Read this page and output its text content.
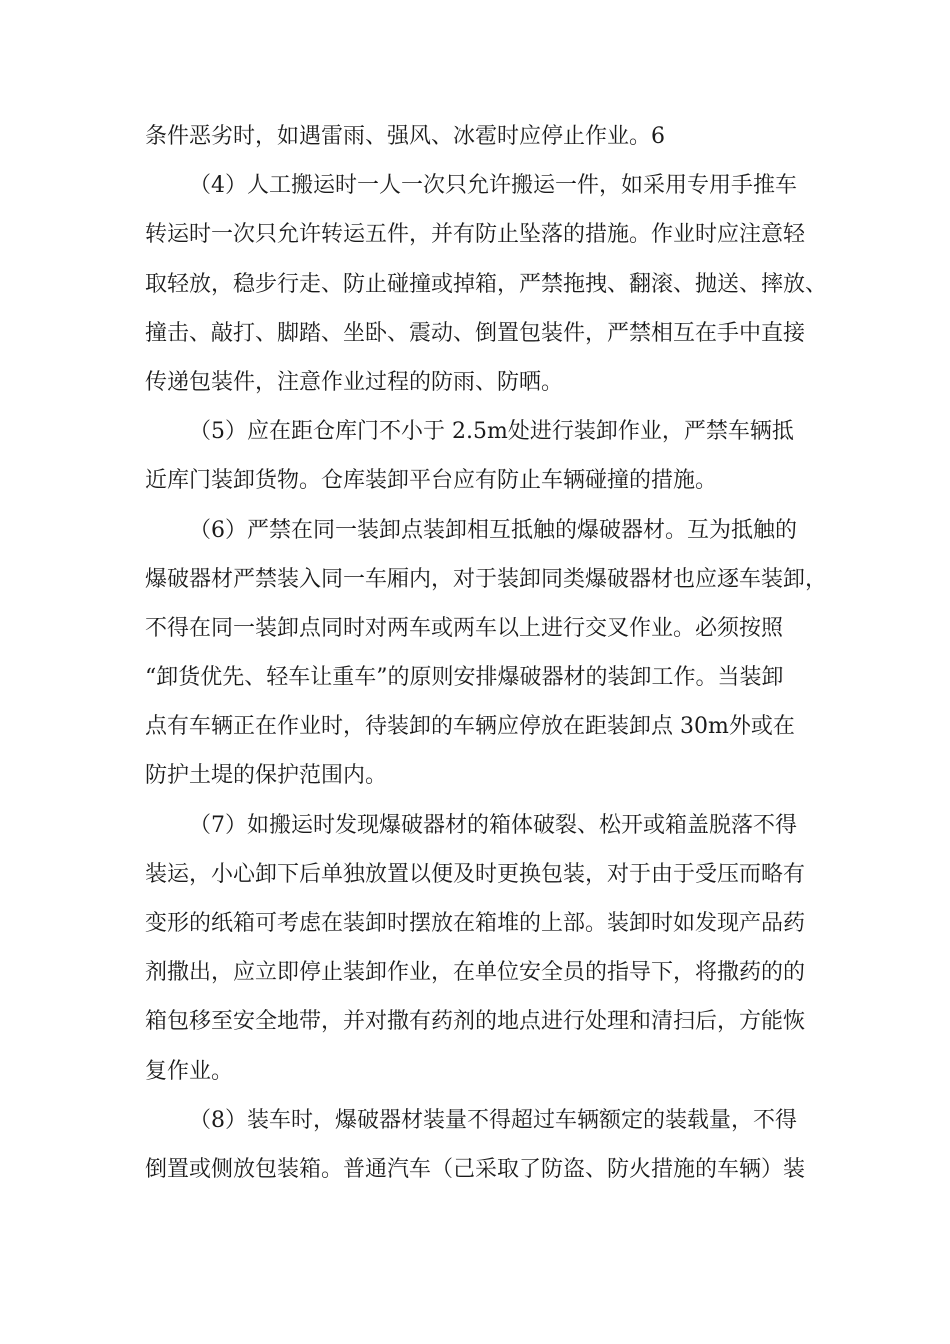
条件恶劣时，如遇雷雨、强风、冰雹时应停止作业。6
（4）人工搬运时一人一次只允许搬运一件，如采用专用手推车
转运时一次只允许转运五件，并有防止坠落的措施。作业时应注意轻
取轻放，稳步行走、防止碰撞或掉箱，严禁拖拽、翻滚、抛送、摔放、
撞击、敲打、脚踏、坐卧、震动、倒置包装件，严禁相互在手中直接
传递包装件，注意作业过程的防雨、防晒。
（5）应在距仓库门不小于 2.5m处进行装卸作业，严禁车辆抵
近库门装卸货物。仓库装卸平台应有防止车辆碰撞的措施。
（6）严禁在同一装卸点装卸相互抵触的爆破器材。互为抵触的
爆破器材严禁装入同一车厢内，对于装卸同类爆破器材也应逐车装卸，
不得在同一装卸点同时对两车或两车以上进行交叉作业。必须按照
“卸货优先、轻车让重车”的原则安排爆破器材的装卸工作。当装卸
点有车辆正在作业时，待装卸的车辆应停放在距装卸点 30m外或在
防护土堤的保护范围内。
（7）如搬运时发现爆破器材的箱体破裂、松开或箱盖脱落不得
装运，小心卸下后单独放置以便及时更换包装，对于由于受压而略有
变形的纸箱可考虑在装卸时摆放在箱堆的上部。装卸时如发现产品药
剂撒出，应立即停止装卸作业，在单位安全员的指导下，将撒药的的
箱包移至安全地带，并对撒有药剂的地点进行处理和清扫后，方能恢
复作业。
（8）装车时，爆破器材装量不得超过车辆额定的装载量，不得
倒置或侧放包装箱。普通汽车（己采取了防盗、防火措施的车辆）装
